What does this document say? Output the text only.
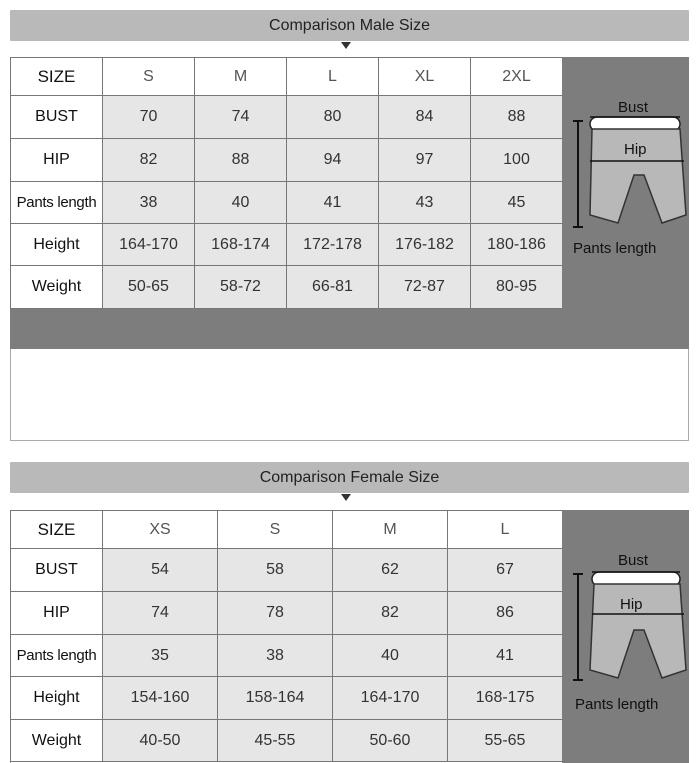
Comparison Male Size
SIZE	S	M	L	XL	2XL
BUST	70	74	80	84	88
HIP	82	88	94	97	100
Pants length	38	40	41	43	45
Height	164-170	168-174	172-178	176-182	180-186
Weight	50-65	58-72	66-81	72-87	80-95
Bust
Hip
Pants length
Comparison Female Size
SIZE	XS	S	M	L
BUST	54	58	62	67
HIP	74	78	82	86
Pants length	35	38	40	41
Height	154-160	158-164	164-170	168-175
Weight	40-50	45-55	50-60	55-65
Bust
Hip
Pants length
